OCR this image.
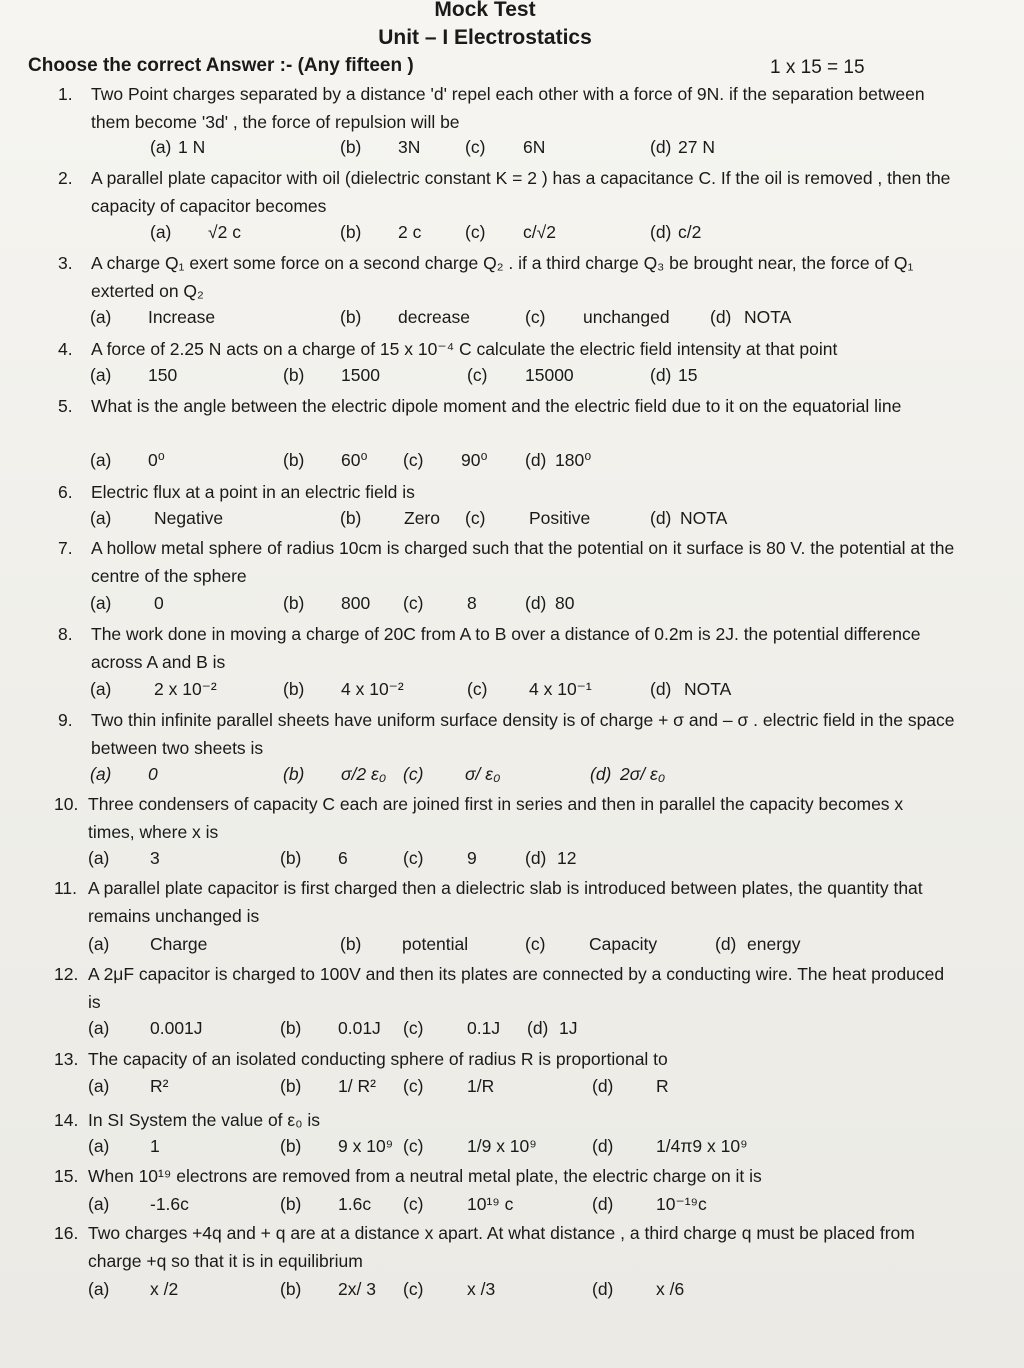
Mock Test
Unit – I Electrostatics
Choose the correct Answer :- (Any fifteen )	1 x 15 = 15
1.	Two Point charges separated by a distance 'd' repel each other with a force of 9N. if the separation between them become '3d' , the force of repulsion will be
(a) 1 N	(b) 3N	(c) 6N	(d) 27 N
2.	A parallel plate capacitor with oil (dielectric constant K = 2 ) has a capacitance C. If the oil is removed , then the capacity of capacitor becomes
(a) √2 c	(b) 2 c (c) c/√2	(d) c/2
3.	A charge Q₁ exert some force on a second charge Q₂ . if a third charge Q₃ be brought near, the force of Q₁ exterted on Q₂
(a) Increase	(b) decrease	(c) unchanged (d) NOTA
4.	A force of 2.25 N acts on a charge of 15 x 10⁻⁴ C calculate the electric field intensity at that point
(a) 150	(b) 1500	(c) 15000	(d) 15
5.	What is the angle between the electric dipole moment and the electric field due to it on the equatorial line
(a) 0⁰	(b) 60⁰ (c) 90⁰ (d) 180⁰
6.	Electric flux at a point in an electric field is
(a) Negative	(b) Zero (c) Positive	(d) NOTA
7.	A hollow metal sphere of radius 10cm is charged such that the potential on it surface is 80 V. the potential at the centre of the sphere
(a) 0	(b) 800 (c) 8	(d) 80
8.	The work done in moving a charge of 20C from A to B over a distance of 0.2m is 2J. the potential difference across A and B is
(a) 2 x 10⁻²	(b) 4 x 10⁻²	(c) 4 x 10⁻¹	(d) NOTA
9.	Two thin infinite parallel sheets have uniform surface density is of charge + σ and – σ . electric field in the space between two sheets is
(a) 0	(b) σ/2 ε₀ (c) σ/ ε₀	(d) 2σ/ ε₀
10. Three condensers of capacity C each are joined first in series and then in parallel the capacity becomes x times, where x is
(a) 3	(b) 6	(c) 9	(d) 12
11. A parallel plate capacitor is first charged then a dielectric slab is introduced between plates, the quantity that remains unchanged is
(a) Charge	(b) potential	(c) Capacity	(d) energy
12. A 2μF capacitor is charged to 100V and then its plates are connected by a conducting wire. The heat produced is
(a) 0.001J	(b) 0.01J (c) 0.1J (d) 1J
13. The capacity of an isolated conducting sphere of radius R is proportional to
(a) R²	(b) 1/ R² (c) 1/R	(d) R
14. In SI System the value of ε₀ is
(a) 1	(b) 9 x 10⁹ (c) 1/9 x 10⁹	(d) 1/4π9 x 10⁹
15. When 10¹⁹ electrons are removed from a neutral metal plate, the electric charge on it is
(a) -1.6c	(b) 1.6c (c) 10¹⁹ c	(d) 10⁻¹⁹c
16. Two charges +4q and + q are at a distance x apart. At what distance , a third charge q must be placed from charge +q so that it is in equilibrium
(a) x /2	(b) 2x/ 3 (c) x /3	(d) x /6
